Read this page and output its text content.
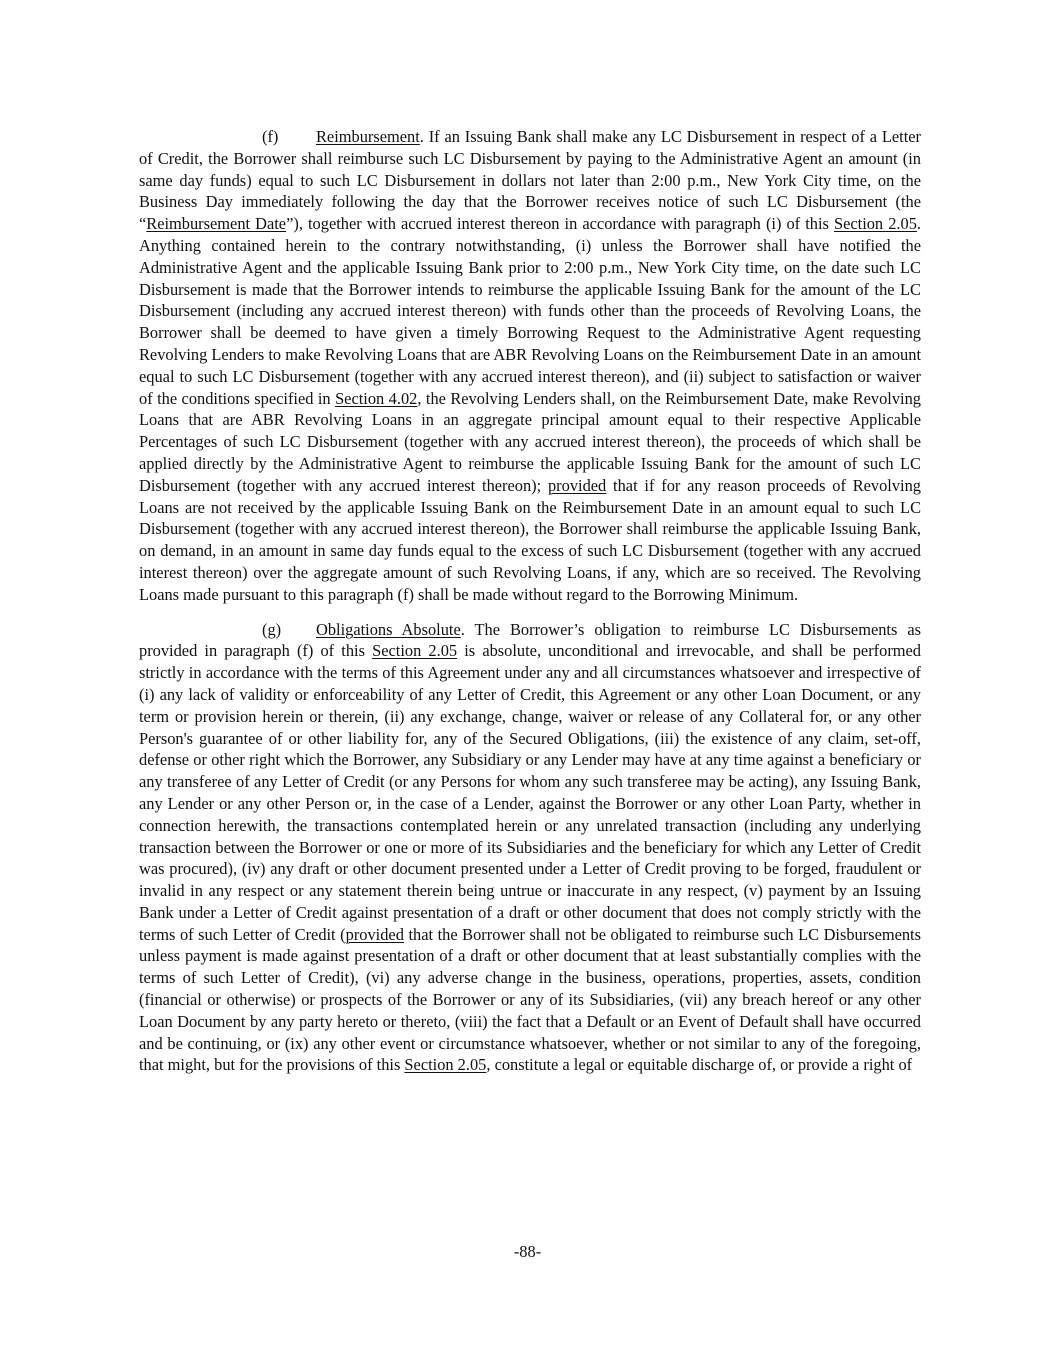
(f) Reimbursement. If an Issuing Bank shall make any LC Disbursement in respect of a Letter of Credit, the Borrower shall reimburse such LC Disbursement by paying to the Administrative Agent an amount (in same day funds) equal to such LC Disbursement in dollars not later than 2:00 p.m., New York City time, on the Business Day immediately following the day that the Borrower receives notice of such LC Disbursement (the “Reimbursement Date”), together with accrued interest thereon in accordance with paragraph (i) of this Section 2.05. Anything contained herein to the contrary notwithstanding, (i) unless the Borrower shall have notified the Administrative Agent and the applicable Issuing Bank prior to 2:00 p.m., New York City time, on the date such LC Disbursement is made that the Borrower intends to reimburse the applicable Issuing Bank for the amount of the LC Disbursement (including any accrued interest thereon) with funds other than the proceeds of Revolving Loans, the Borrower shall be deemed to have given a timely Borrowing Request to the Administrative Agent requesting Revolving Lenders to make Revolving Loans that are ABR Revolving Loans on the Reimbursement Date in an amount equal to such LC Disbursement (together with any accrued interest thereon), and (ii) subject to satisfaction or waiver of the conditions specified in Section 4.02, the Revolving Lenders shall, on the Reimbursement Date, make Revolving Loans that are ABR Revolving Loans in an aggregate principal amount equal to their respective Applicable Percentages of such LC Disbursement (together with any accrued interest thereon), the proceeds of which shall be applied directly by the Administrative Agent to reimburse the applicable Issuing Bank for the amount of such LC Disbursement (together with any accrued interest thereon); provided that if for any reason proceeds of Revolving Loans are not received by the applicable Issuing Bank on the Reimbursement Date in an amount equal to such LC Disbursement (together with any accrued interest thereon), the Borrower shall reimburse the applicable Issuing Bank, on demand, in an amount in same day funds equal to the excess of such LC Disbursement (together with any accrued interest thereon) over the aggregate amount of such Revolving Loans, if any, which are so received. The Revolving Loans made pursuant to this paragraph (f) shall be made without regard to the Borrowing Minimum.

(g) Obligations Absolute. The Borrower’s obligation to reimburse LC Disbursements as provided in paragraph (f) of this Section 2.05 is absolute, unconditional and irrevocable, and shall be performed strictly in accordance with the terms of this Agreement under any and all circumstances whatsoever and irrespective of (i) any lack of validity or enforceability of any Letter of Credit, this Agreement or any other Loan Document, or any term or provision herein or therein, (ii) any exchange, change, waiver or release of any Collateral for, or any other Person's guarantee of or other liability for, any of the Secured Obligations, (iii) the existence of any claim, set-off, defense or other right which the Borrower, any Subsidiary or any Lender may have at any time against a beneficiary or any transferee of any Letter of Credit (or any Persons for whom any such transferee may be acting), any Issuing Bank, any Lender or any other Person or, in the case of a Lender, against the Borrower or any other Loan Party, whether in connection herewith, the transactions contemplated herein or any unrelated transaction (including any underlying transaction between the Borrower or one or more of its Subsidiaries and the beneficiary for which any Letter of Credit was procured), (iv) any draft or other document presented under a Letter of Credit proving to be forged, fraudulent or invalid in any respect or any statement therein being untrue or inaccurate in any respect, (v) payment by an Issuing Bank under a Letter of Credit against presentation of a draft or other document that does not comply strictly with the terms of such Letter of Credit (provided that the Borrower shall not be obligated to reimburse such LC Disbursements unless payment is made against presentation of a draft or other document that at least substantially complies with the terms of such Letter of Credit), (vi) any adverse change in the business, operations, properties, assets, condition (financial or otherwise) or prospects of the Borrower or any of its Subsidiaries, (vii) any breach hereof or any other Loan Document by any party hereto or thereto, (viii) the fact that a Default or an Event of Default shall have occurred and be continuing, or (ix) any other event or circumstance whatsoever, whether or not similar to any of the foregoing, that might, but for the provisions of this Section 2.05, constitute a legal or equitable discharge of, or provide a right of

-88-
